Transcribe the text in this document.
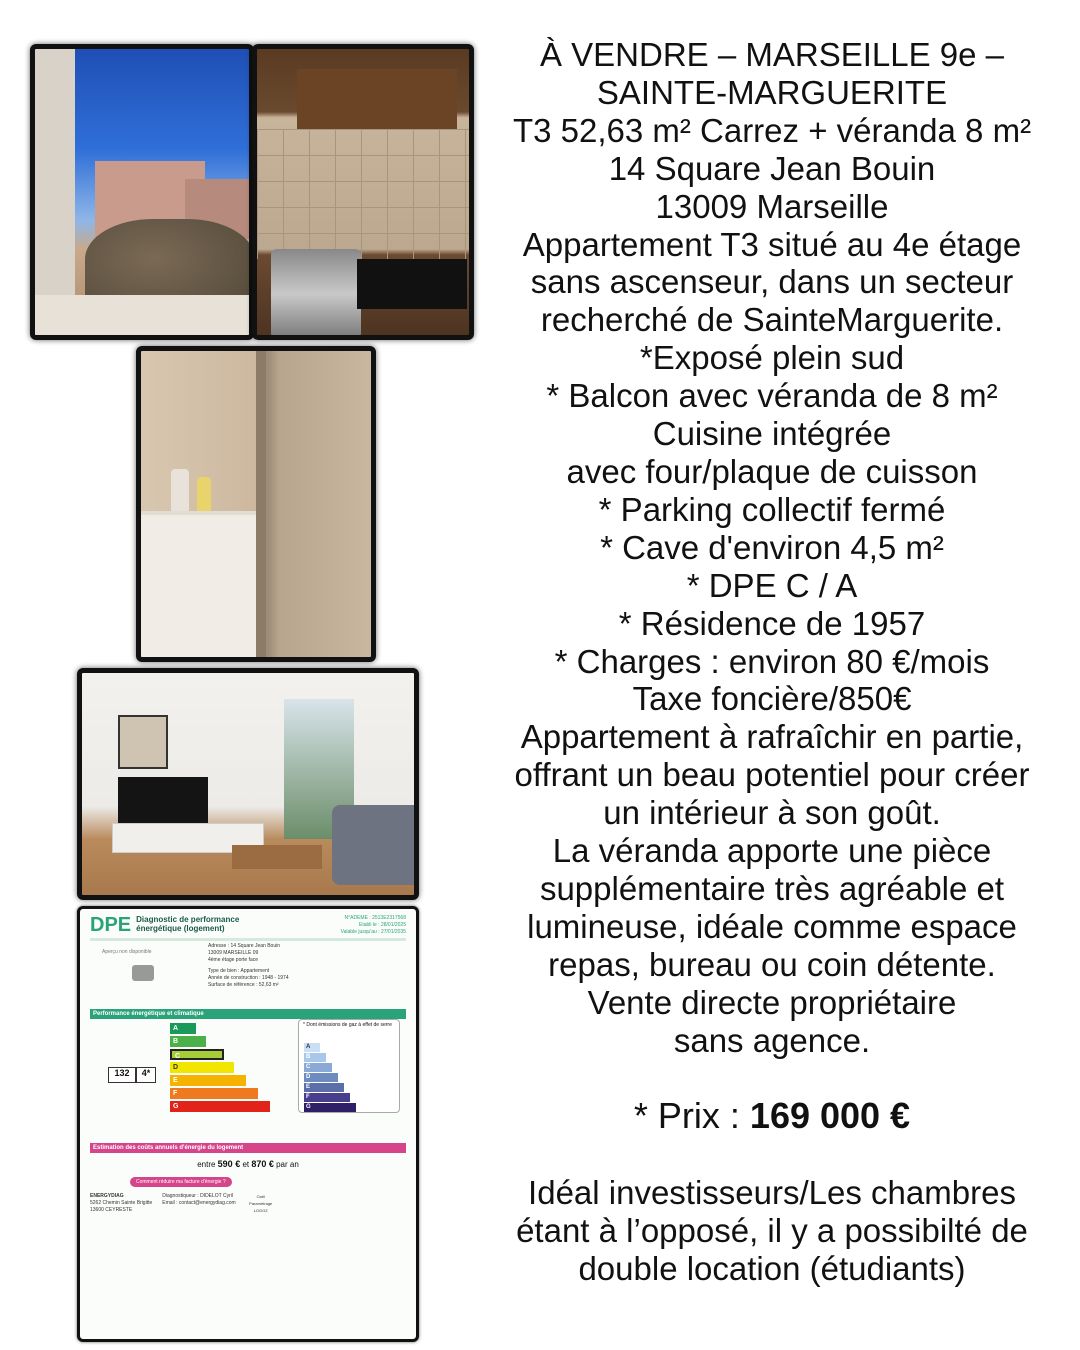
DPE Diagnostic de performance
énergétique (logement)
N°ADEME : 2513E2317568
Etabli le : 28/01/2025
Valable jusqu'au : 27/01/2035
Aperçu non disponible
Adresse : 14 Square Jean Bouin
13009 MARSEILLE 09
4ème étage porte face
Type de bien : Appartement
Année de construction : 1948 - 1974
Surface de référence : 52,63 m²
Performance énergétique et climatique
132	4*
A
B
C
D
E
F
G
* Dont émissions de gaz à effet de serre
A
B
C
D
E
F
G
Estimation des coûts annuels d'énergie du logement
entre 590 € et 870 € par an
Comment réduire ma facture d'énergie ?
ENERGYDIAG
5262 Chemin Sainte Brigitte
13600 CEYRESTE
Diagnostiqueur : DIDELOT Cyril
Email : contact@energydiag.com
Outil Paramétrage LOGOZ
À VENDRE – MARSEILLE 9e –
SAINTE-MARGUERITE
T3 52,63 m² Carrez + véranda 8 m²
14 Square Jean Bouin
13009 Marseille
Appartement T3 situé au 4e étage
sans ascenseur, dans un secteur
recherché de SainteMarguerite.
*Exposé plein sud
* Balcon avec véranda de 8 m²
Cuisine intégrée
avec four/plaque de cuisson
* Parking collectif fermé
* Cave d'environ 4,5 m²
* DPE C / A
* Résidence de 1957
* Charges : environ 80 €/mois
Taxe foncière/850€
Appartement à rafraîchir en partie,
offrant un beau potentiel pour créer
un intérieur à son goût.
La véranda apporte une pièce
supplémentaire très agréable et
lumineuse, idéale comme espace
repas, bureau ou coin détente.
Vente directe propriétaire
sans agence.
* Prix : 169 000 €
Idéal investisseurs/Les chambres
étant à l’opposé, il y a possibilté de
double location (étudiants)
